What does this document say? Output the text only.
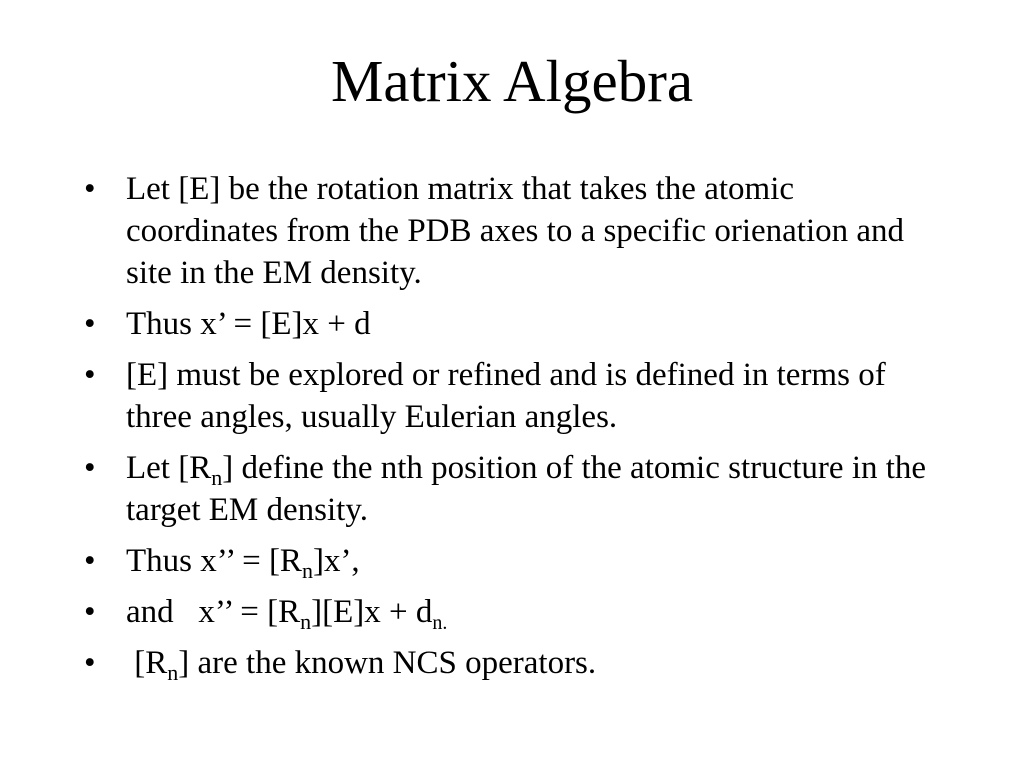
Matrix Algebra
• Let [E] be the rotation matrix that takes the atomic coordinates from the PDB axes to a specific orienation and site in the EM density.
• Thus x’ = [E]x + d
• [E] must be explored or refined and is defined in terms of three angles, usually Eulerian angles.
• Let $[R_n]$ define the nth position of the atomic structure in the target EM density.
• Thus x’’ = $[R_n]x$’,
• and   x’’ = $[R_n][E]x + d_{n.}$
• $[R_n]$ are the known NCS operators.
